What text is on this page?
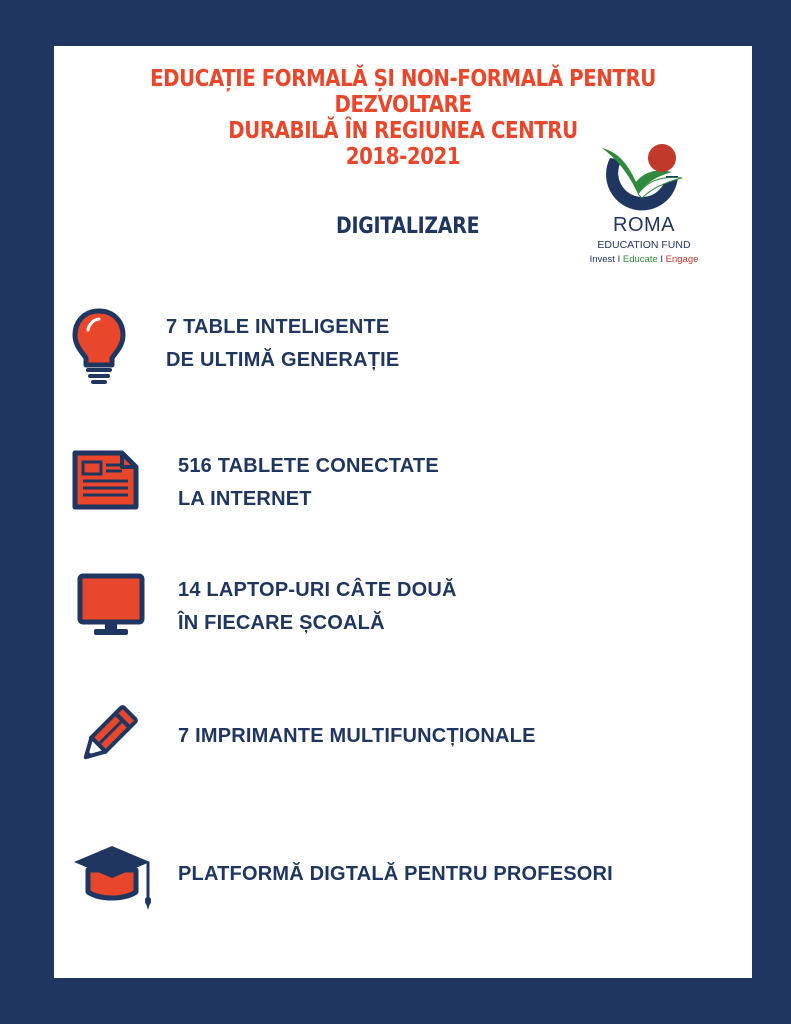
EDUCAȚIE FORMALĂ ȘI NON-FORMALĂ PENTRU DEZVOLTARE
DURABILĂ ÎN REGIUNEA CENTRU
2018-2021
DIGITALIZARE	ROMA
EDUCATION FUND
Invest I Educate I Engage

7 TABLE INTELIGENTE
DE ULTIMĂ GENERAȚIE

516 TABLETE CONECTATE
LA INTERNET

14 LAPTOP-URI CÂTE DOUĂ
ÎN FIECARE ȘCOALĂ

7 IMPRIMANTE MULTIFUNCȚIONALE

PLATFORMĂ DIGTALĂ PENTRU PROFESORI
